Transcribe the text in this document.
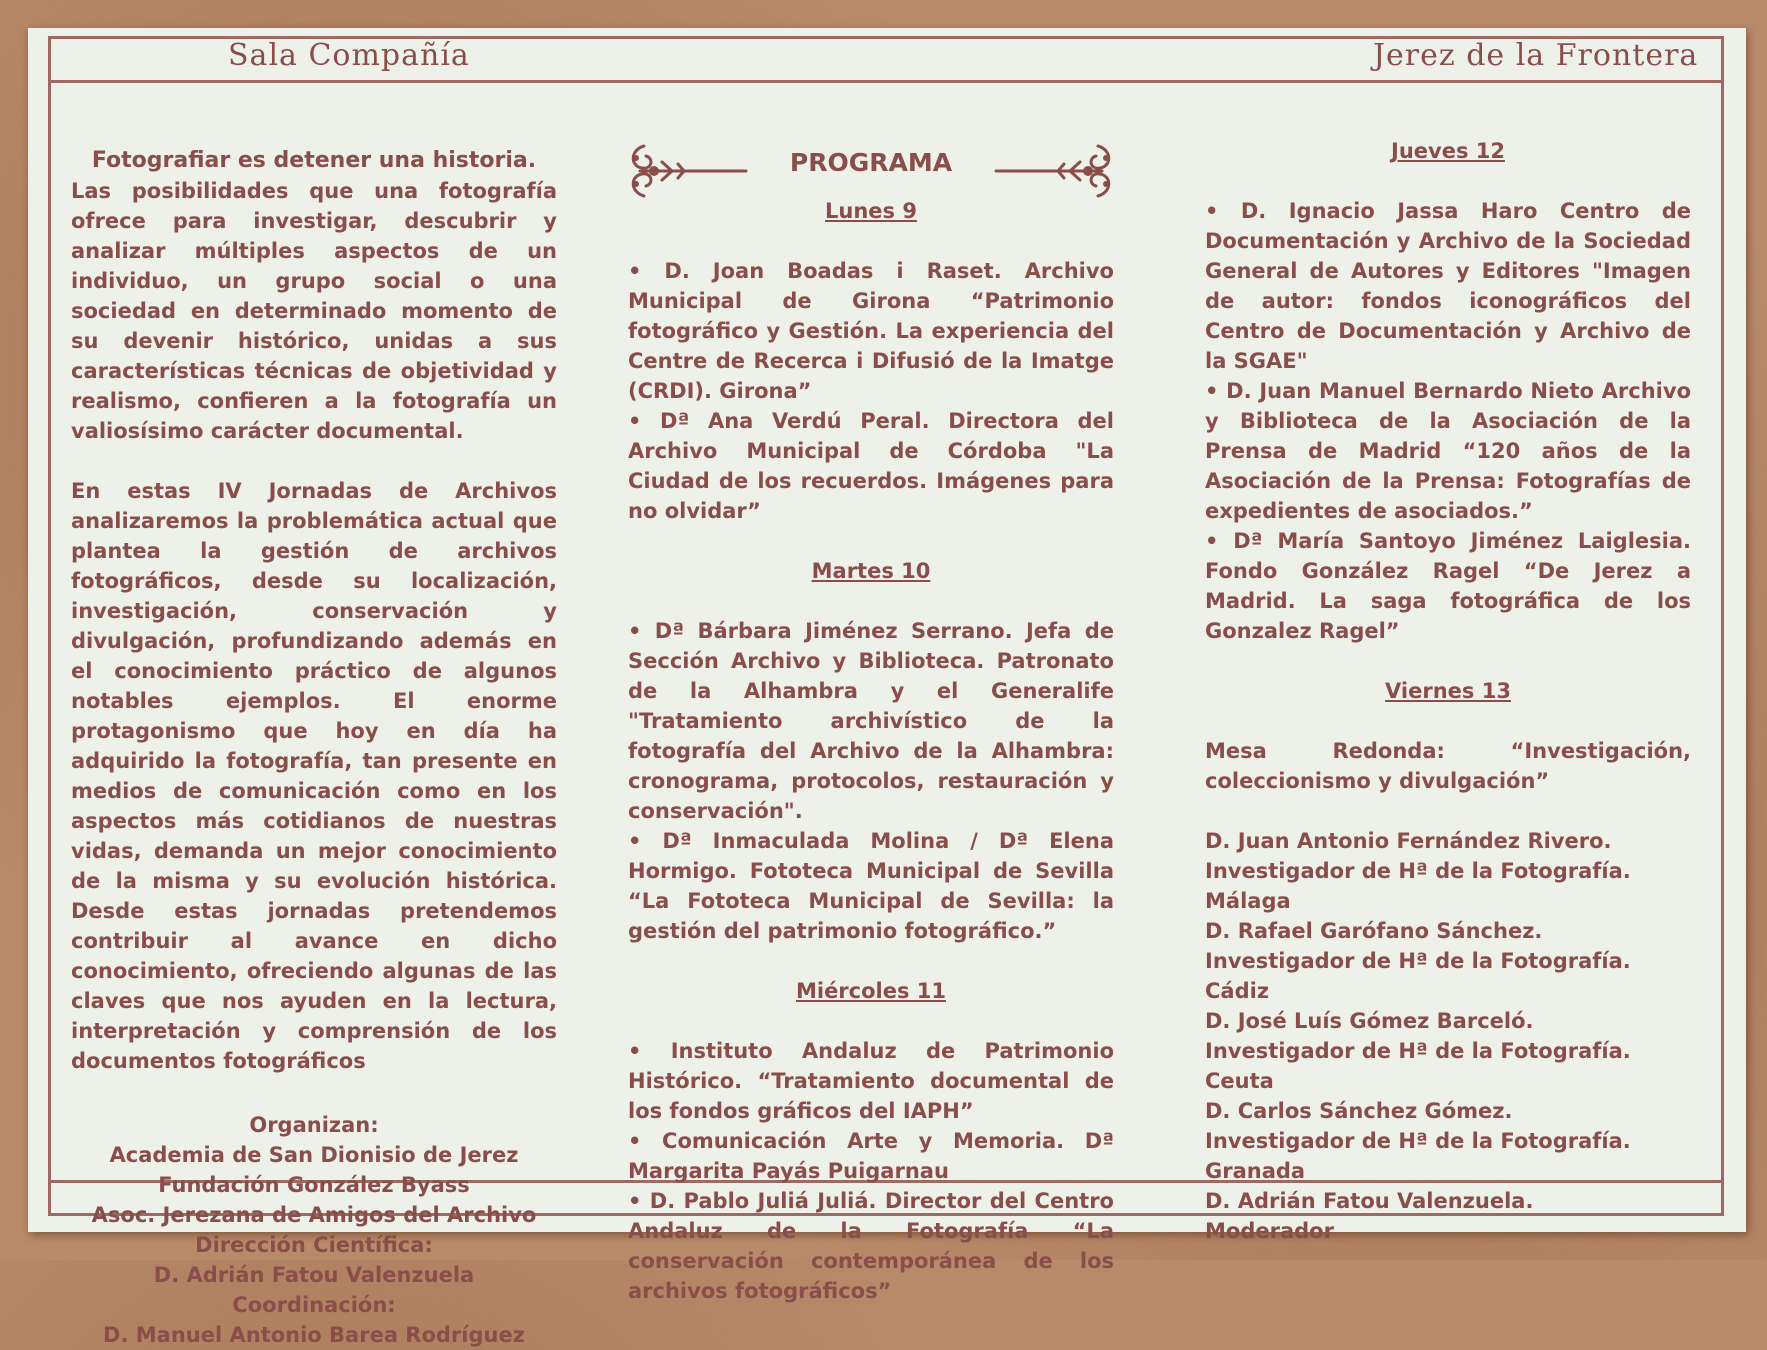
Sala Compañía	Jerez de la Frontera

Fotografiar es detener una historia.

Las posibilidades que una fotografía ofrece para investigar, descubrir y analizar múltiples aspectos de un individuo, un grupo social o una sociedad en determinado momento de su devenir histórico, unidas a sus características técnicas de objetividad y realismo, confieren a la fotografía un valiosísimo carácter documental.

En estas IV Jornadas de Archivos analizaremos la problemática actual que plantea la gestión de archivos fotográficos, desde su localización, investigación, conservación y divulgación, profundizando además en el conocimiento práctico de algunos notables ejemplos. El enorme protagonismo que hoy en día ha adquirido la fotografía, tan presente en medios de comunicación como en los aspectos más cotidianos de nuestras vidas, demanda un mejor conocimiento de la misma y su evolución histórica. Desde estas jornadas pretendemos contribuir al avance en dicho conocimiento, ofreciendo algunas de las claves que nos ayuden en la lectura, interpretación y comprensión de los documentos fotográficos

Organizan:
Academia de San Dionisio de Jerez
Fundación González Byass
Asoc. Jerezana de Amigos del Archivo
Dirección Científica:
D. Adrián Fatou Valenzuela
Coordinación:
D. Manuel Antonio Barea Rodríguez
PROGRAMA

Lunes 9

• D. Joan Boadas i Raset. Archivo Municipal de Girona “Patrimonio fotográfico y Gestión. La experiencia del Centre de Recerca i Difusió de la Imatge (CRDI). Girona”

• Dª Ana Verdú Peral. Directora del Archivo Municipal de Córdoba "La Ciudad de los recuerdos. Imágenes para no olvidar”

Martes 10

• Dª Bárbara Jiménez Serrano. Jefa de Sección Archivo y Biblioteca. Patronato de la Alhambra y el Generalife "Tratamiento archivístico de la fotografía del Archivo de la Alhambra: cronograma, protocolos, restauración y conservación".

• Dª Inmaculada Molina / Dª Elena Hormigo. Fototeca Municipal de Sevilla “La Fototeca Municipal de Sevilla: la gestión del patrimonio fotográfico.”

Miércoles 11

• Instituto Andaluz de Patrimonio Histórico. “Tratamiento documental de los fondos gráficos del IAPH”

• Comunicación Arte y Memoria. Dª Margarita Payás Puigarnau

• D. Pablo Juliá Juliá. Director del Centro Andaluz de la Fotografía “La conservación contemporánea de los archivos fotográficos”

Jueves 12

• D. Ignacio Jassa Haro Centro de Documentación y Archivo de la Sociedad General de Autores y Editores "Imagen de autor: fondos iconográficos del Centro de Documentación y Archivo de la SGAE"

• D. Juan Manuel Bernardo Nieto Archivo y Biblioteca de la Asociación de la Prensa de Madrid “120 años de la Asociación de la Prensa: Fotografías de expedientes de asociados.”

• Dª María Santoyo Jiménez Laiglesia. Fondo González Ragel “De Jerez a Madrid. La saga fotográfica de los Gonzalez Ragel”

Viernes 13

Mesa Redonda: “Investigación, coleccionismo y divulgación”

D. Juan Antonio Fernández Rivero.
Investigador de Hª de la Fotografía. Málaga
D. Rafael Garófano Sánchez.
Investigador de Hª de la Fotografía. Cádiz
D. José Luís Gómez Barceló.
Investigador de Hª de la Fotografía. Ceuta
D. Carlos Sánchez Gómez.
Investigador de Hª de la Fotografía. Granada
D. Adrián Fatou Valenzuela.
Moderador
